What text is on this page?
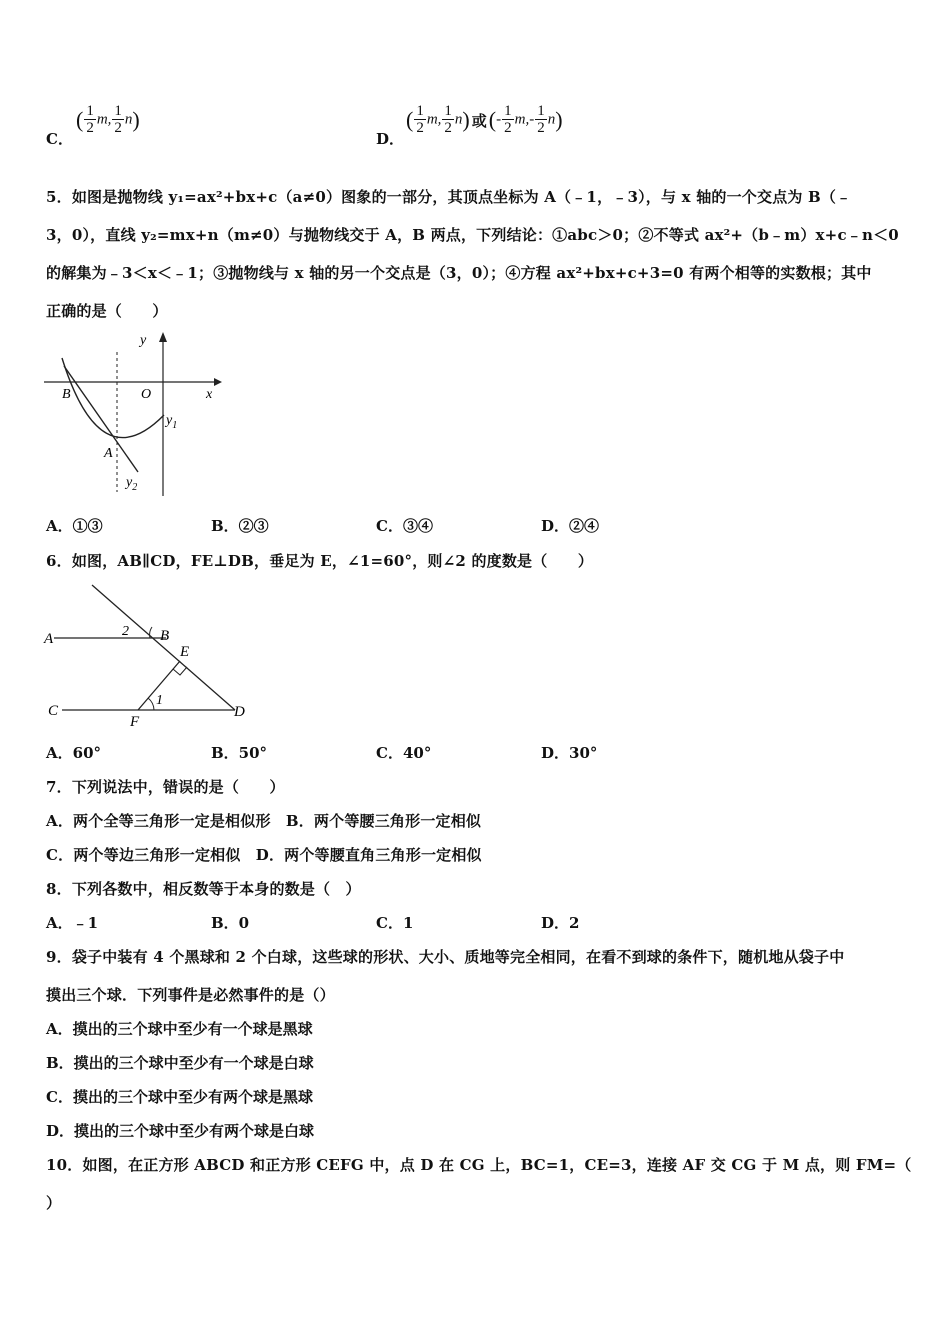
C．
( $\frac{1}{2} m$, $\frac{1}{2} n$)
D．
( $\frac{1}{2} m$, $\frac{1}{2} n$) 或(- $\frac{1}{2} m,- \frac{1}{2} n$)
5．如图是抛物线 y₁=ax²+bx+c（a≠0）图象的一部分，其顶点坐标为 A（﹣1，﹣3），与 x 轴的一个交点为 B（﹣
3，0），直线 y₂=mx+n（m≠0）与抛物线交于 A，B 两点，下列结论：①abc＞0；②不等式 ax²+（b﹣m）x+c﹣n＜0
的解集为﹣3＜x＜﹣1；③抛物线与 x 轴的另一个交点是（3，0）；④方程 ax²+bx+c+3=0 有两个相等的实数根；其中
正确的是（　　）
y
x
B	O
A
$y_1$
$y_2$
A．①③	B．②③	C．③④	D．②④
6．如图，AB∥CD，FE⊥DB，垂足为 E，∠1=60°，则∠2 的度数是（　　）
A	2 B
E
1
C
F
D
A．60°	B．50°	C．40°	D．30°
7．下列说法中，错误的是（　　）
A．两个全等三角形一定是相似形　B．两个等腰三角形一定相似
C．两个等边三角形一定相似　D．两个等腰直角三角形一定相似
8．下列各数中，相反数等于本身的数是（　）
A．﹣1	B．0	C．1	D．2
9．袋子中装有 4 个黑球和 2 个白球，这些球的形状、大小、质地等完全相同，在看不到球的条件下，随机地从袋子中
摸出三个球．下列事件是必然事件的是（）
A．摸出的三个球中至少有一个球是黑球
B．摸出的三个球中至少有一个球是白球
C．摸出的三个球中至少有两个球是黑球
D．摸出的三个球中至少有两个球是白球
10．如图，在正方形 ABCD 和正方形 CEFG 中，点 D 在 CG 上，BC=1，CE=3，连接 AF 交 CG 于 M 点，则 FM=（
）
